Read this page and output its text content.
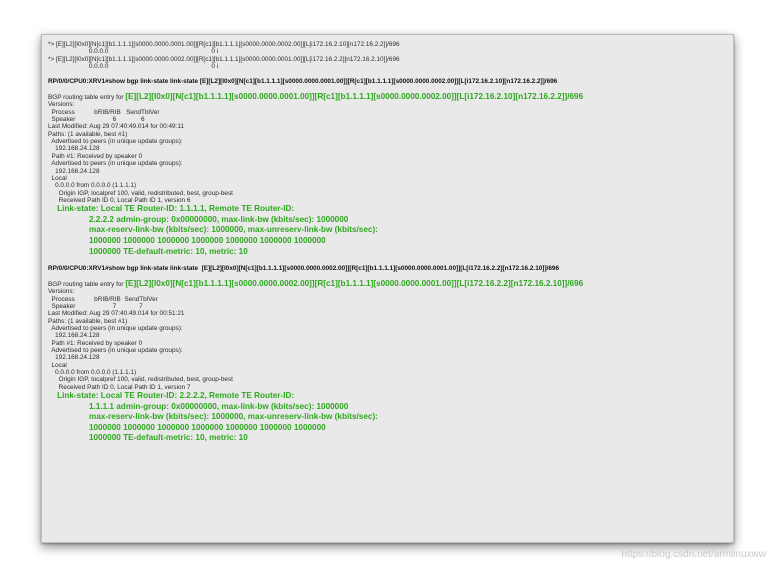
*> [E][L2][I0x0][N[c1][b1.1.1.1][s0000.0000.0001.00]][R[c1][b1.1.1.1][s0000.0000.0002.00]][L[i172.16.2.10][n172.16.2.2]]/696
0.0.0.0                                                          0 i
*> [E][L2][I0x0][N[c1][b1.1.1.1][s0000.0000.0002.00]][R[c1][b1.1.1.1][s0000.0000.0001.00]][L[i172.16.2.2][n172.16.2.10]]/696
0.0.0.0                                                          0 i
RP/0/0/CPU0:XRV1#show bgp link-state link-state [E][L2][I0x0][N[c1][b1.1.1.1][s0000.0000.0001.00]][R[c1][b1.1.1.1][s0000.0000.0002.00]][L[i172.16.2.10][n172.16.2.2]]/696
BGP routing table entry for [E][L2][I0x0][N[c1][b1.1.1.1][s0000.0000.0001.00]][R[c1][b1.1.1.1][s0000.0000.0002.00]][L[i172.16.2.10][n172.16.2.2]]/696
Versions:
Process           bRIB/RIB   SendTblVer
Speaker                     6              6
Last Modified: Aug 29 07:40:49.014 for 00:49:11
Paths: (1 available, best #1)
Advertised to peers (in unique update groups):
192.168.24.128
Path #1: Received by speaker 0
Advertised to peers (in unique update groups):
192.168.24.128
Local
0.0.0.0 from 0.0.0.0 (1.1.1.1)
Origin IGP, localpref 100, valid, redistributed, best, group-best
Received Path ID 0, Local Path ID 1, version 6
Link-state: Local TE Router-ID: 1.1.1.1, Remote TE Router-ID:
2.2.2.2 admin-group: 0x00000000, max-link-bw (kbits/sec): 1000000
max-reserv-link-bw (kbits/sec): 1000000, max-unreserv-link-bw (kbits/sec):
1000000 1000000 1000000 1000000 1000000 1000000 1000000
1000000 TE-default-metric: 10, metric: 10
RP/0/0/CPU0:XRV1#show bgp link-state link-state  [E][L2][I0x0][N[c1][b1.1.1.1][s0000.0000.0002.00]][R[c1][b1.1.1.1][s0000.0000.0001.00]][L[i172.16.2.2][n172.16.2.10]]/696
BGP routing table entry for [E][L2][I0x0][N[c1][b1.1.1.1][s0000.0000.0002.00]][R[c1][b1.1.1.1][s0000.0000.0001.00]][L[i172.16.2.2][n172.16.2.10]]/696
Versions:
Process           bRIB/RIB  SendTblVer
Speaker                     7             7
Last Modified: Aug 29 07:40:49.014 for 00:51:21
Paths: (1 available, best #1)
Advertised to peers (in unique update groups):
192.168.24.128
Path #1: Received by speaker 0
Advertised to peers (in unique update groups):
192.168.24.128
Local
0.0.0.0 from 0.0.0.0 (1.1.1.1)
Origin IGP, localpref 100, valid, redistributed, best, group-best
Received Path ID 0, Local Path ID 1, version 7
Link-state: Local TE Router-ID: 2.2.2.2, Remote TE Router-ID:
1.1.1.1 admin-group: 0x00000000, max-link-bw (kbits/sec): 1000000
max-reserv-link-bw (kbits/sec): 1000000, max-unreserv-link-bw (kbits/sec):
1000000 1000000 1000000 1000000 1000000 1000000 1000000
1000000 TE-default-metric: 10, metric: 10
https://blog.csdn.net/armlinuxww
